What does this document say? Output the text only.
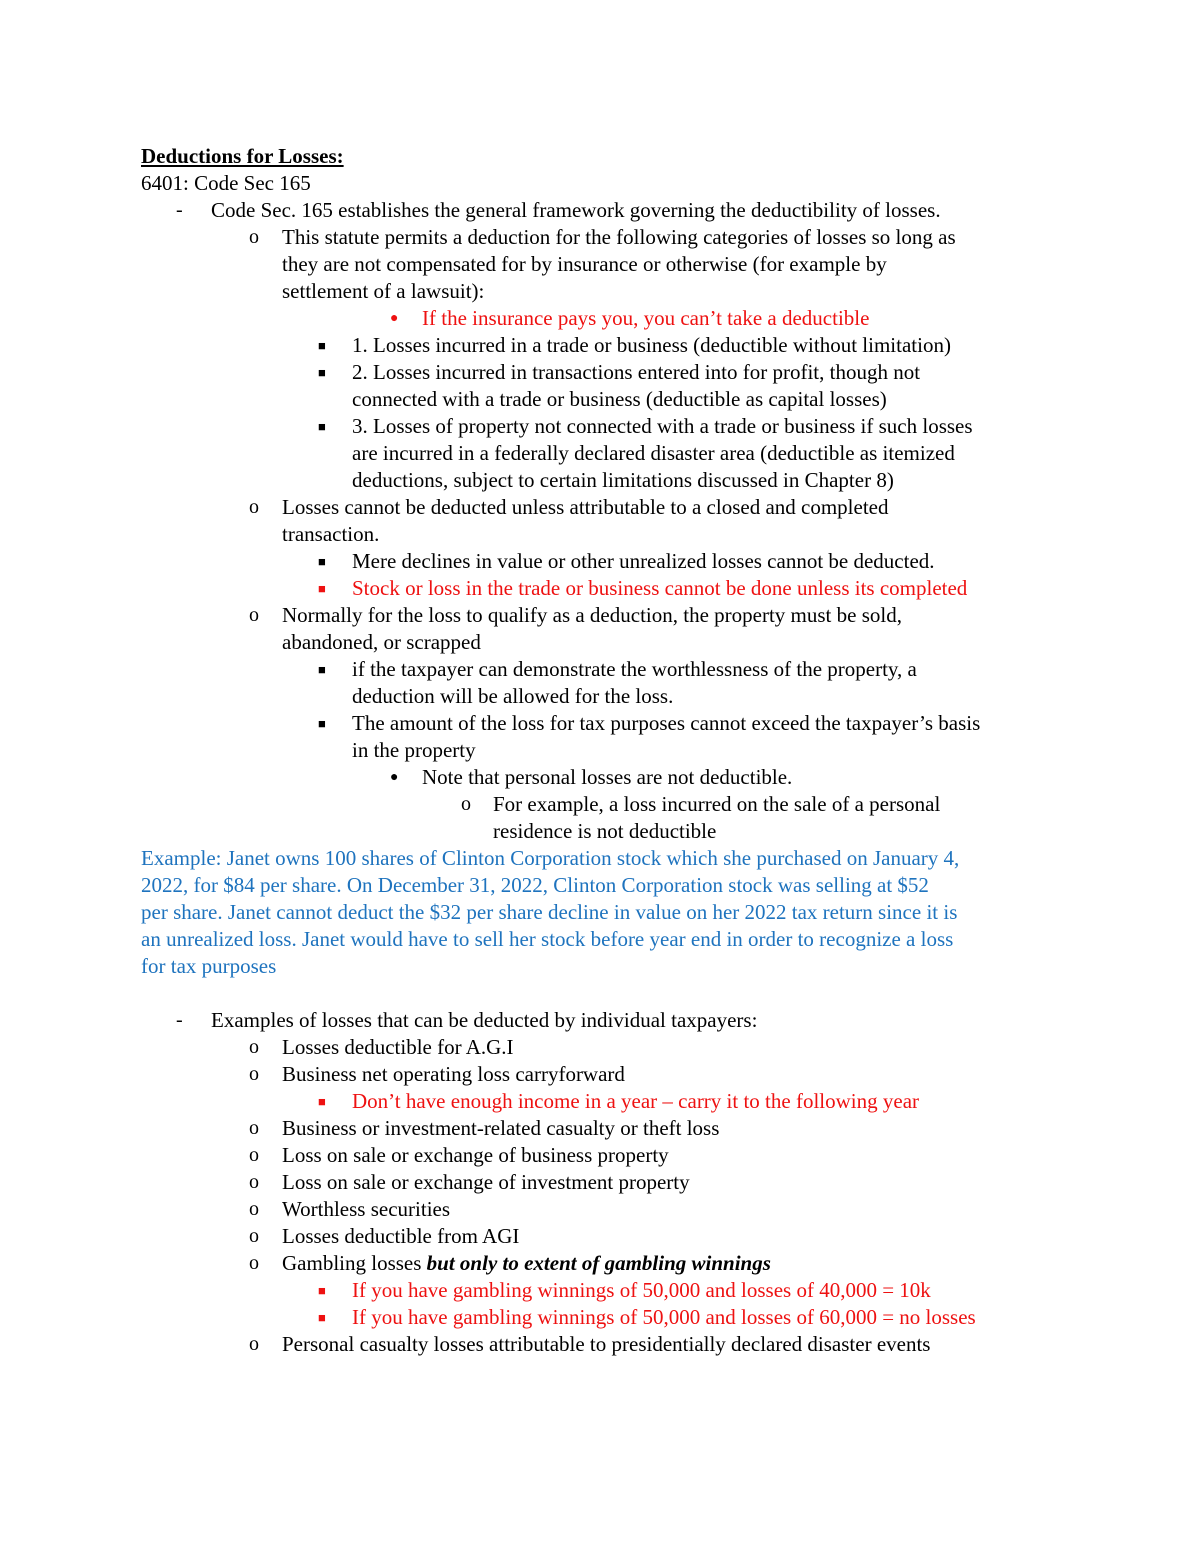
Deductions for Losses:
6401: Code Sec 165
- Code Sec. 165 establishes the general framework governing the deductibility of losses.
o This statute permits a deduction for the following categories of losses so long as
they are not compensated for by insurance or otherwise (for example by
settlement of a lawsuit):
● If the insurance pays you, you can’t take a deductible
■ 1. Losses incurred in a trade or business (deductible without limitation)
■ 2. Losses incurred in transactions entered into for profit, though not
connected with a trade or business (deductible as capital losses)
■ 3. Losses of property not connected with a trade or business if such losses
are incurred in a federally declared disaster area (deductible as itemized
deductions, subject to certain limitations discussed in Chapter 8)
o Losses cannot be deducted unless attributable to a closed and completed
transaction.
■ Mere declines in value or other unrealized losses cannot be deducted.
■ Stock or loss in the trade or business cannot be done unless its completed
o Normally for the loss to qualify as a deduction, the property must be sold,
abandoned, or scrapped
■ if the taxpayer can demonstrate the worthlessness of the property, a
deduction will be allowed for the loss.
■ The amount of the loss for tax purposes cannot exceed the taxpayer’s basis
in the property
● Note that personal losses are not deductible.
o For example, a loss incurred on the sale of a personal
residence is not deductible
Example: Janet owns 100 shares of Clinton Corporation stock which she purchased on January 4,
2022, for $84 per share. On December 31, 2022, Clinton Corporation stock was selling at $52
per share. Janet cannot deduct the $32 per share decline in value on her 2022 tax return since it is
an unrealized loss. Janet would have to sell her stock before year end in order to recognize a loss
for tax purposes
- Examples of losses that can be deducted by individual taxpayers:
o Losses deductible for A.G.I
o Business net operating loss carryforward
■ Don’t have enough income in a year – carry it to the following year
o Business or investment-related casualty or theft loss
o Loss on sale or exchange of business property
o Loss on sale or exchange of investment property
o Worthless securities
o Losses deductible from AGI
o Gambling losses but only to extent of gambling winnings
■ If you have gambling winnings of 50,000 and losses of 40,000 = 10k
■ If you have gambling winnings of 50,000 and losses of 60,000 = no losses
o Personal casualty losses attributable to presidentially declared disaster events
